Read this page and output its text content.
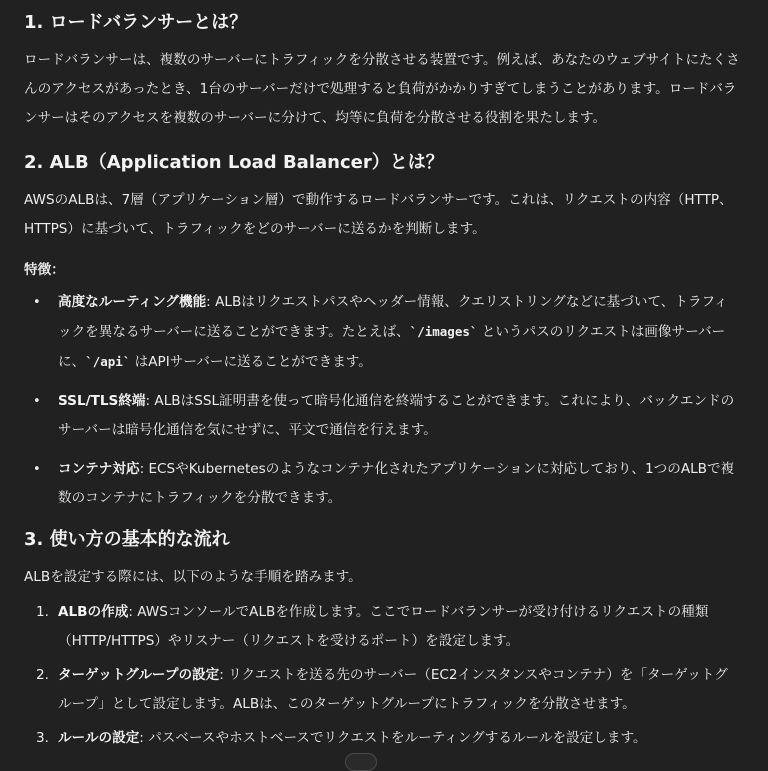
1. ロードバランサーとは？

ロードバランサーは、複数のサーバーにトラフィックを分散させる装置です。例えば、あなたのウェブサイトにたくさんのアクセスがあったとき、1台のサーバーだけで処理すると負荷がかかりすぎてしまうことがあります。ロードバランサーはそのアクセスを複数のサーバーに分けて、均等に負荷を分散させる役割を果たします。

2. ALB（Application Load Balancer）とは？

AWSのALBは、7層（アプリケーション層）で動作するロードバランサーです。これは、リクエストの内容（HTTP、HTTPS）に基づいて、トラフィックをどのサーバーに送るかを判断します。

特徴：
• 高度なルーティング機能: ALBはリクエストパスやヘッダー情報、クエリストリングなどに基づいて、トラフィックを異なるサーバーに送ることができます。たとえば、`/images` というパスのリクエストは画像サーバーに、`/api` はAPIサーバーに送ることができます。
• SSL/TLS終端: ALBはSSL証明書を使って暗号化通信を終端することができます。これにより、バックエンドのサーバーは暗号化通信を気にせずに、平文で通信を行えます。
• コンテナ対応: ECSやKubernetesのようなコンテナ化されたアプリケーションに対応しており、1つのALBで複数のコンテナにトラフィックを分散できます。
3. 使い方の基本的な流れ

ALBを設定する際には、以下のような手順を踏みます。

1. ALBの作成: AWSコンソールでALBを作成します。ここでロードバランサーが受け付けるリクエストの種類（HTTP/HTTPS）やリスナー（リクエストを受けるポート）を設定します。
2. ターゲットグループの設定: リクエストを送る先のサーバー（EC2インスタンスやコンテナ）を「ターゲットグループ」として設定します。ALBは、このターゲットグループにトラフィックを分散させます。
3. ルールの設定: パスベースやホストベースでリクエストをルーティングするルールを設定します。
